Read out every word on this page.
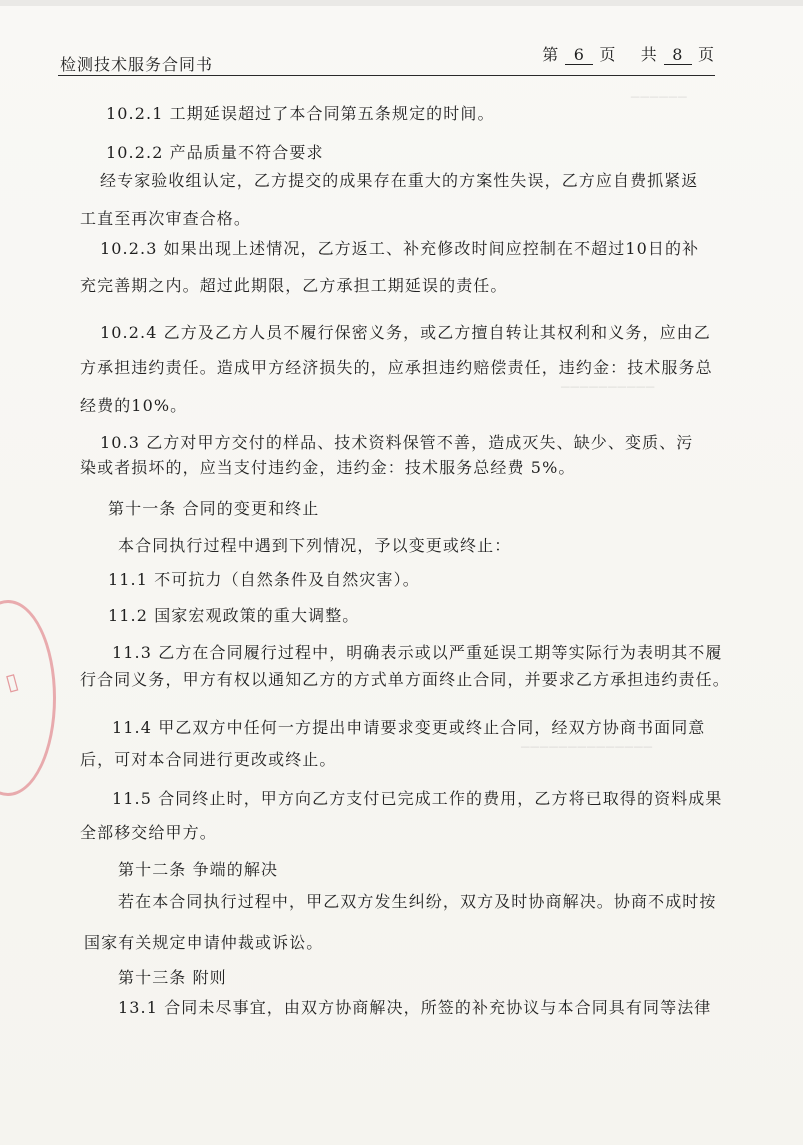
──────
──────────
──────────────
▯
检测技术服务合同书
第 6 页 共 8 页
10.2.1 工期延误超过了本合同第五条规定的时间。
10.2.2 产品质量不符合要求
经专家验收组认定，乙方提交的成果存在重大的方案性失误，乙方应自费抓紧返
工直至再次审查合格。
10.2.3 如果出现上述情况，乙方返工、补充修改时间应控制在不超过10日的补
充完善期之内。超过此期限，乙方承担工期延误的责任。
10.2.4 乙方及乙方人员不履行保密义务，或乙方擅自转让其权利和义务，应由乙
方承担违约责任。造成甲方经济损失的，应承担违约赔偿责任，违约金：技术服务总
经费的10%。
10.3 乙方对甲方交付的样品、技术资料保管不善，造成灭失、缺少、变质、污
染或者损坏的，应当支付违约金，违约金：技术服务总经费 5%。
第十一条 合同的变更和终止
本合同执行过程中遇到下列情况，予以变更或终止：
11.1 不可抗力（自然条件及自然灾害）。
11.2 国家宏观政策的重大调整。
11.3 乙方在合同履行过程中，明确表示或以严重延误工期等实际行为表明其不履
行合同义务，甲方有权以通知乙方的方式单方面终止合同，并要求乙方承担违约责任。
11.4 甲乙双方中任何一方提出申请要求变更或终止合同，经双方协商书面同意
后，可对本合同进行更改或终止。
11.5 合同终止时，甲方向乙方支付已完成工作的费用，乙方将已取得的资料成果
全部移交给甲方。
第十二条 争端的解决
若在本合同执行过程中，甲乙双方发生纠纷，双方及时协商解决。协商不成时按
国家有关规定申请仲裁或诉讼。
第十三条 附则
13.1 合同未尽事宜，由双方协商解决，所签的补充协议与本合同具有同等法律
